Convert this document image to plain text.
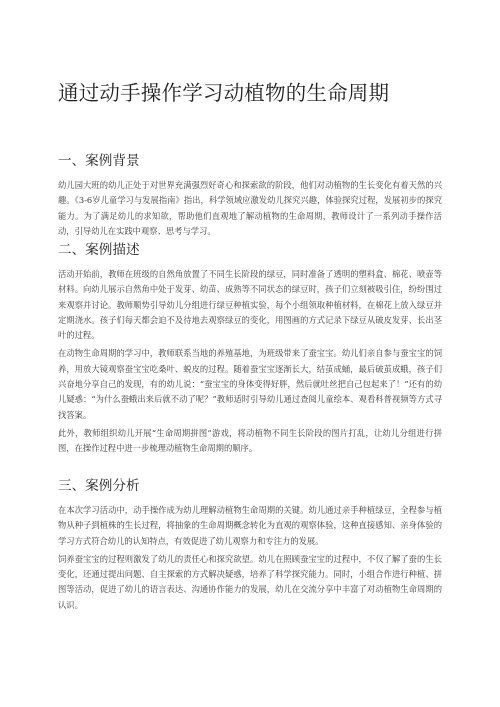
通过动手操作学习动植物的生命周期
一、案例背景

幼儿园大班的幼儿正处于对世界充满强烈好奇心和探索欲的阶段，他们对动植物的生长变化有着天然的兴趣。《3-6岁儿童学习与发展指南》指出，科学领域应激发幼儿探究兴趣，体验探究过程，发展初步的探究能力。为了满足幼儿的求知欲，帮助他们直观地了解动植物的生命周期，教师设计了一系列动手操作活动，引导幼儿在实践中观察、思考与学习。

二、案例描述

活动开始前，教师在班级的自然角放置了不同生长阶段的绿豆，同时准备了透明的塑料盒、棉花、喷壶等材料。向幼儿展示自然角中处于发芽、幼苗、成熟等不同状态的绿豆时，孩子们立刻被吸引住，纷纷围过来观察并讨论。教师顺势引导幼儿分组进行绿豆种植实验，每个小组领取种植材料，在棉花上放入绿豆并定期浇水。孩子们每天都会迫不及待地去观察绿豆的变化，用图画的方式记录下绿豆从破皮发芽、长出茎叶的过程。

在动物生命周期的学习中，教师联系当地的养殖基地，为班级带来了蚕宝宝。幼儿们亲自参与蚕宝宝的饲养，用放大镜观察蚕宝宝吃桑叶、蜕皮的过程。随着蚕宝宝逐渐长大，结茧成蛹，最后破茧成蛾，孩子们兴奋地分享自己的发现，有的幼儿说：“蚕宝宝的身体变得好胖，然后就吐丝把自己包起来了！”还有的幼儿疑惑：“为什么蚕蛾出来后就不动了呢？”教师适时引导幼儿通过查阅儿童绘本、观看科普视频等方式寻找答案。

此外，教师组织幼儿开展“生命周期拼图”游戏，将动植物不同生长阶段的图片打乱，让幼儿分组进行拼图，在操作过程中进一步梳理动植物生命周期的顺序。

三、案例分析

在本次学习活动中，动手操作成为幼儿理解动植物生命周期的关键。幼儿通过亲手种植绿豆，全程参与植物从种子到植株的生长过程，将抽象的生命周期概念转化为直观的观察体验，这种直接感知、亲身体验的学习方式符合幼儿的认知特点，有效促进了幼儿观察力和专注力的发展。

饲养蚕宝宝的过程则激发了幼儿的责任心和探究欲望。幼儿在照顾蚕宝宝的过程中，不仅了解了蚕的生长变化，还通过提出问题、自主探索的方式解决疑惑，培养了科学探究能力。同时，小组合作进行种植、拼图等活动，促进了幼儿的语言表达、沟通协作能力的发展，幼儿在交流分享中丰富了对动植物生命周期的认识。
